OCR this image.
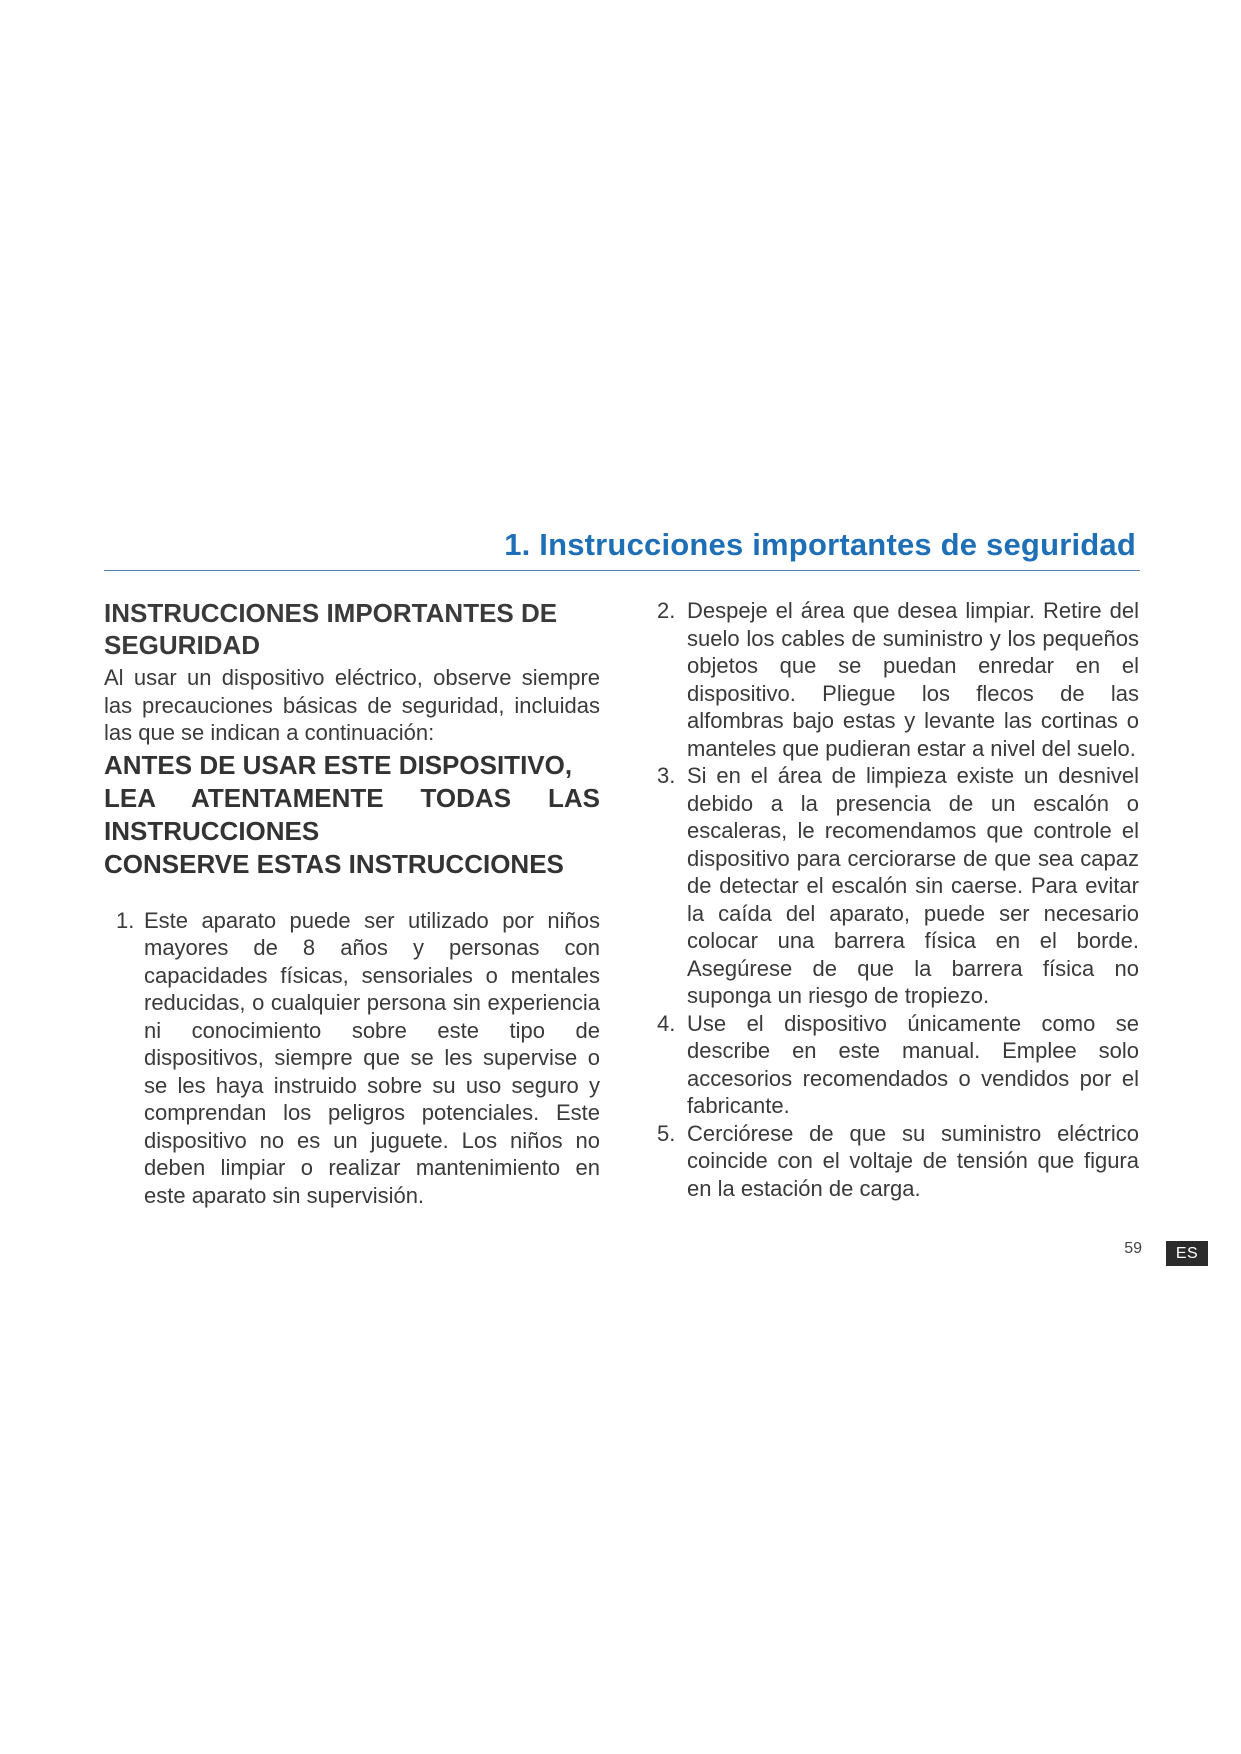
1. Instrucciones importantes de seguridad
INSTRUCCIONES IMPORTANTES DE SEGURIDAD

Al usar un dispositivo eléctrico, observe siempre las precauciones básicas de seguridad, incluidas las que se indican a continuación:

ANTES DE USAR ESTE DISPOSITIVO,
LEA ATENTAMENTE TODAS LAS
INSTRUCCIONES
CONSERVE ESTAS INSTRUCCIONES
1. Este aparato puede ser utilizado por niños mayores de 8 años y personas con capacidades físicas, sensoriales o mentales reducidas, o cualquier persona sin experiencia ni conocimiento sobre este tipo de dispositivos, siempre que se les supervise o se les haya instruido sobre su uso seguro y comprendan los peligros potenciales. Este dispositivo no es un juguete. Los niños no deben limpiar o realizar mantenimiento en este aparato sin supervisión.
2. Despeje el área que desea limpiar. Retire del suelo los cables de suministro y los pequeños objetos que se puedan enredar en el dispositivo. Pliegue los flecos de las alfombras bajo estas y levante las cortinas o manteles que pudieran estar a nivel del suelo.
3. Si en el área de limpieza existe un desnivel debido a la presencia de un escalón o escaleras, le recomendamos que controle el dispositivo para cerciorarse de que sea capaz de detectar el escalón sin caerse. Para evitar la caída del aparato, puede ser necesario colocar una barrera física en el borde. Asegúrese de que la barrera física no suponga un riesgo de tropiezo.
4. Use el dispositivo únicamente como se describe en este manual. Emplee solo accesorios recomendados o vendidos por el fabricante.
5. Cerciórese de que su suministro eléctrico coincide con el voltaje de tensión que figura en la estación de carga.
59	ES
